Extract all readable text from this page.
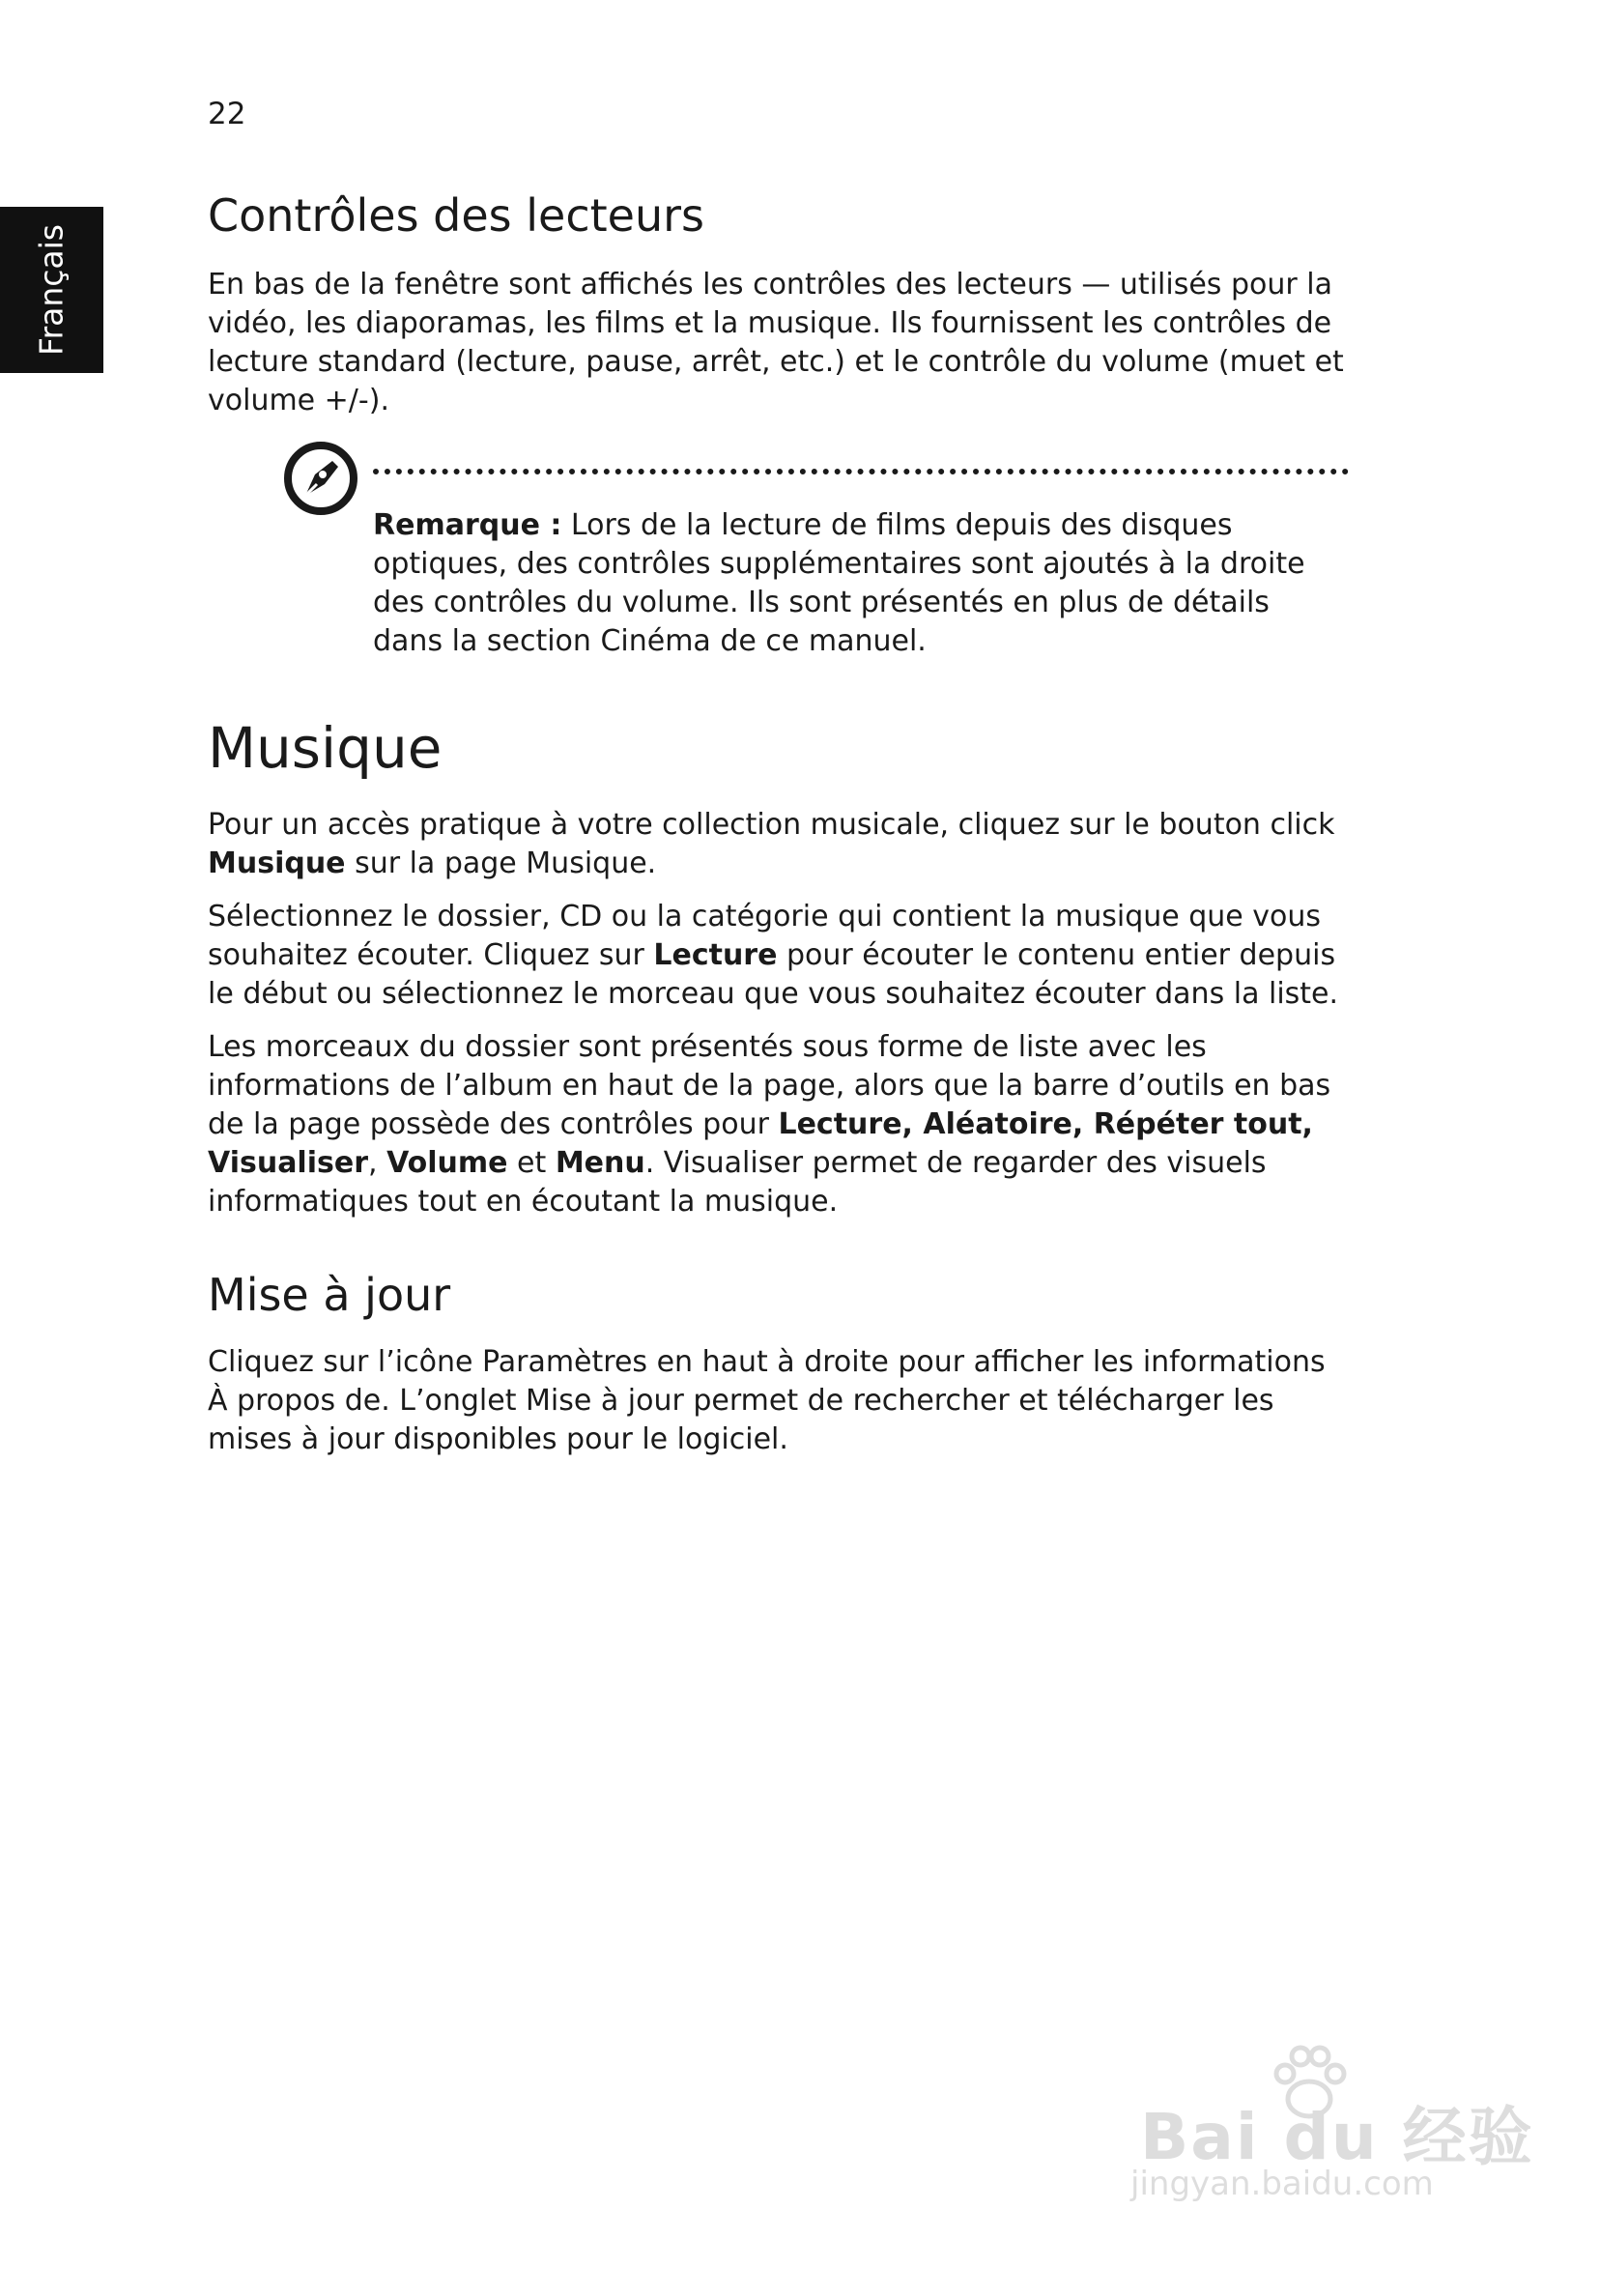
22
Français
Contrôles des lecteurs

En bas de la fenêtre sont affichés les contrôles des lecteurs — utilisés pour la vidéo, les diaporamas, les films et la musique. Ils fournissent les contrôles de lecture standard (lecture, pause, arrêt, etc.) et le contrôle du volume (muet et volume +/-).

Remarque : Lors de la lecture de films depuis des disques optiques, des contrôles supplémentaires sont ajoutés à la droite des contrôles du volume. Ils sont présentés en plus de détails dans la section Cinéma de ce manuel.
Musique

Pour un accès pratique à votre collection musicale, cliquez sur le bouton click Musique sur la page Musique.

Sélectionnez le dossier, CD ou la catégorie qui contient la musique que vous souhaitez écouter. Cliquez sur Lecture pour écouter le contenu entier depuis le début ou sélectionnez le morceau que vous souhaitez écouter dans la liste.

Les morceaux du dossier sont présentés sous forme de liste avec les informations de l’album en haut de la page, alors que la barre d’outils en bas de la page possède des contrôles pour Lecture, Aléatoire, Répéter tout, Visualiser, Volume et Menu. Visualiser permet de regarder des visuels informatiques tout en écoutant la musique.

Mise à jour

Cliquez sur l’icône Paramètres en haut à droite pour afficher les informations À propos de. L’onglet Mise à jour permet de rechercher et télécharger les mises à jour disponibles pour le logiciel.

Bai du 经验
jingyan.baidu.com
